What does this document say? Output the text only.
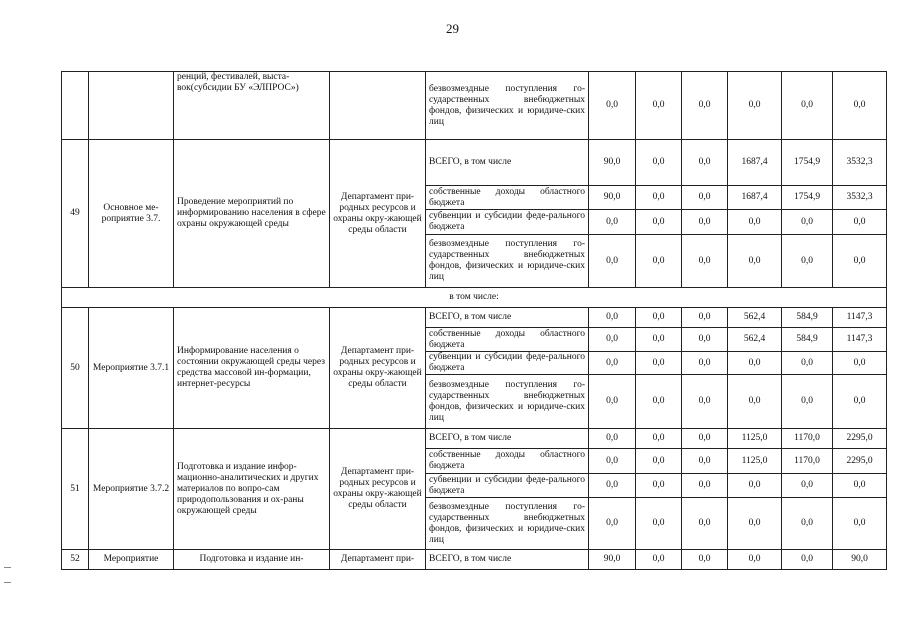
29
		ренций, фестивалей, выста-вок(субсидии БУ «ЭЛПРОС»)		безвозмездные поступления го-сударственных внебюджетных фондов, физических и юридиче-ских лиц	0,0	0,0	0,0	0,0	0,0	0,0
49	Основное ме-роприятие 3.7.	Проведение мероприятий по информированию населения в сфере охраны окружающей среды	Департамент при-родных ресурсов и охраны окру-жающей среды области	ВСЕГО, в том числе	90,0	0,0	0,0	1687,4	1754,9	3532,3
				собственные доходы областного бюджета	90,0	0,0	0,0	1687,4	1754,9	3532,3
				субвенции и субсидии феде-рального бюджета	0,0	0,0	0,0	0,0	0,0	0,0
				безвозмездные поступления го-сударственных внебюджетных фондов, физических и юридиче-ских лиц	0,0	0,0	0,0	0,0	0,0	0,0
в том числе:										
50	Мероприятие 3.7.1	Информирование населения о состоянии окружающей среды через средства массовой ин-формации, интернет-ресурсы	Департамент при-родных ресурсов и охраны окру-жающей среды области	ВСЕГО, в том числе	0,0	0,0	0,0	562,4	584,9	1147,3
				собственные доходы областного бюджета	0,0	0,0	0,0	562,4	584,9	1147,3
				субвенции и субсидии феде-рального бюджета	0,0	0,0	0,0	0,0	0,0	0,0
				безвозмездные поступления го-сударственных внебюджетных фондов, физических и юридиче-ских лиц	0,0	0,0	0,0	0,0	0,0	0,0
51	Мероприятие 3.7.2	Подготовка и издание инфор-мационно-аналитических и других материалов по вопро-сам природопользования и ох-раны окружающей среды	Департамент при-родных ресурсов и охраны окру-жающей среды области	ВСЕГО, в том числе	0,0	0,0	0,0	1125,0	1170,0	2295,0
				собственные доходы областного бюджета	0,0	0,0	0,0	1125,0	1170,0	2295,0
				субвенции и субсидии феде-рального бюджета	0,0	0,0	0,0	0,0	0,0	0,0
				безвозмездные поступления го-сударственных внебюджетных фондов, физических и юридиче-ских лиц	0,0	0,0	0,0	0,0	0,0	0,0
52	Мероприятие	Подготовка и издание ин-	Департамент при-	ВСЕГО, в том числе	90,0	0,0	0,0	0,0	0,0	90,0
